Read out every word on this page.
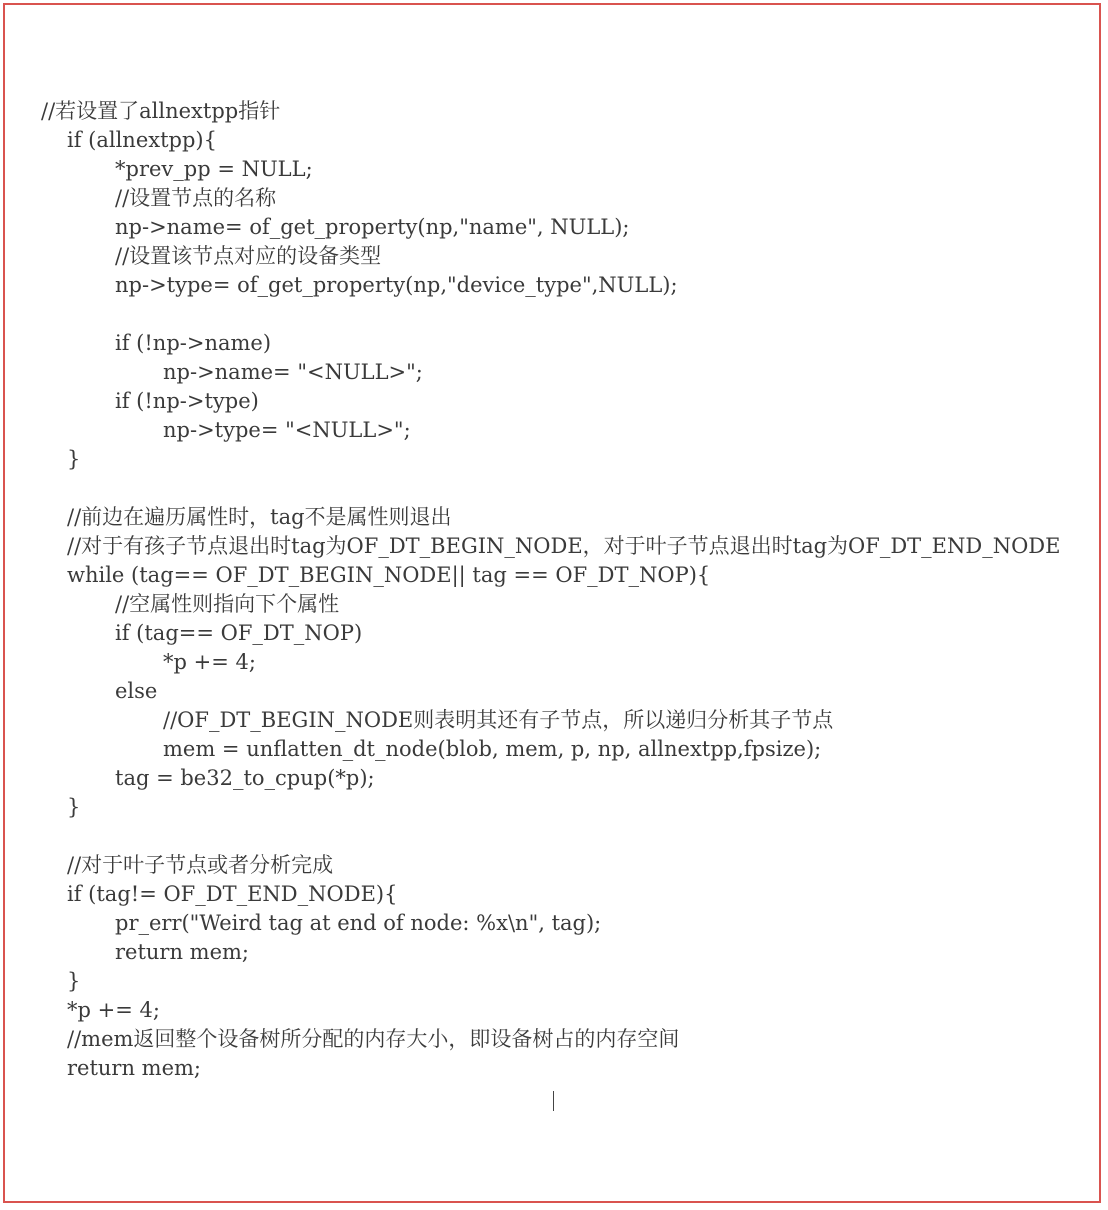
//若设置了allnextpp指针
if (allnextpp){
*prev_pp = NULL;
//设置节点的名称
np->name= of_get_property(np,"name", NULL);
//设置该节点对应的设备类型
np->type= of_get_property(np,"device_type",NULL);
if (!np->name)
np->name= "<NULL>";
if (!np->type)
np->type= "<NULL>";
}
//前边在遍历属性时，tag不是属性则退出
//对于有孩子节点退出时tag为OF_DT_BEGIN_NODE，对于叶子节点退出时tag为OF_DT_END_NODE
while (tag== OF_DT_BEGIN_NODE|| tag == OF_DT_NOP){
//空属性则指向下个属性
if (tag== OF_DT_NOP)
*p += 4;
else
//OF_DT_BEGIN_NODE则表明其还有子节点，所以递归分析其子节点
mem = unflatten_dt_node(blob, mem, p, np, allnextpp,fpsize);
tag = be32_to_cpup(*p);
}
//对于叶子节点或者分析完成
if (tag!= OF_DT_END_NODE){
pr_err("Weird tag at end of node: %x\n", tag);
return mem;
}
*p += 4;
//mem返回整个设备树所分配的内存大小，即设备树占的内存空间
return mem;
